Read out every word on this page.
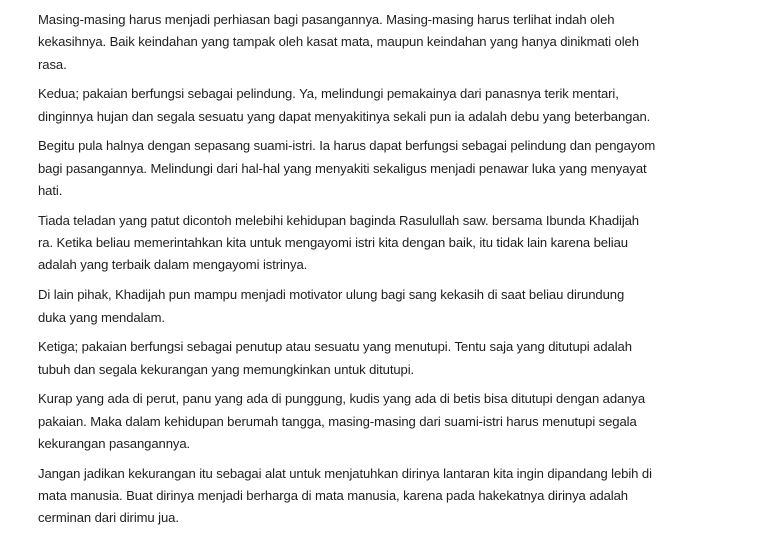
Masing-masing harus menjadi perhiasan bagi pasangannya. Masing-masing harus terlihat indah oleh
kekasihnya. Baik keindahan yang tampak oleh kasat mata, maupun keindahan yang hanya dinikmati oleh
rasa.

Kedua; pakaian berfungsi sebagai pelindung. Ya, melindungi pemakainya dari panasnya terik mentari,
dinginnya hujan dan segala sesuatu yang dapat menyakitinya sekali pun ia adalah debu yang beterbangan.

Begitu pula halnya dengan sepasang suami-istri. Ia harus dapat berfungsi sebagai pelindung dan pengayom
bagi pasangannya. Melindungi dari hal-hal yang menyakiti sekaligus menjadi penawar luka yang menyayat
hati.

Tiada teladan yang patut dicontoh melebihi kehidupan baginda Rasulullah saw. bersama Ibunda Khadijah
ra. Ketika beliau memerintahkan kita untuk mengayomi istri kita dengan baik, itu tidak lain karena beliau
adalah yang terbaik dalam mengayomi istrinya.

Di lain pihak, Khadijah pun mampu menjadi motivator ulung bagi sang kekasih di saat beliau dirundung
duka yang mendalam.

Ketiga; pakaian berfungsi sebagai penutup atau sesuatu yang menutupi. Tentu saja yang ditutupi adalah
tubuh dan segala kekurangan yang memungkinkan untuk ditutupi.

Kurap yang ada di perut, panu yang ada di punggung, kudis yang ada di betis bisa ditutupi dengan adanya
pakaian. Maka dalam kehidupan berumah tangga, masing-masing dari suami-istri harus menutupi segala
kekurangan pasangannya.

Jangan jadikan kekurangan itu sebagai alat untuk menjatuhkan dirinya lantaran kita ingin dipandang lebih di
mata manusia. Buat dirinya menjadi berharga di mata manusia, karena pada hakekatnya dirinya adalah
cerminan dari dirimu jua.
